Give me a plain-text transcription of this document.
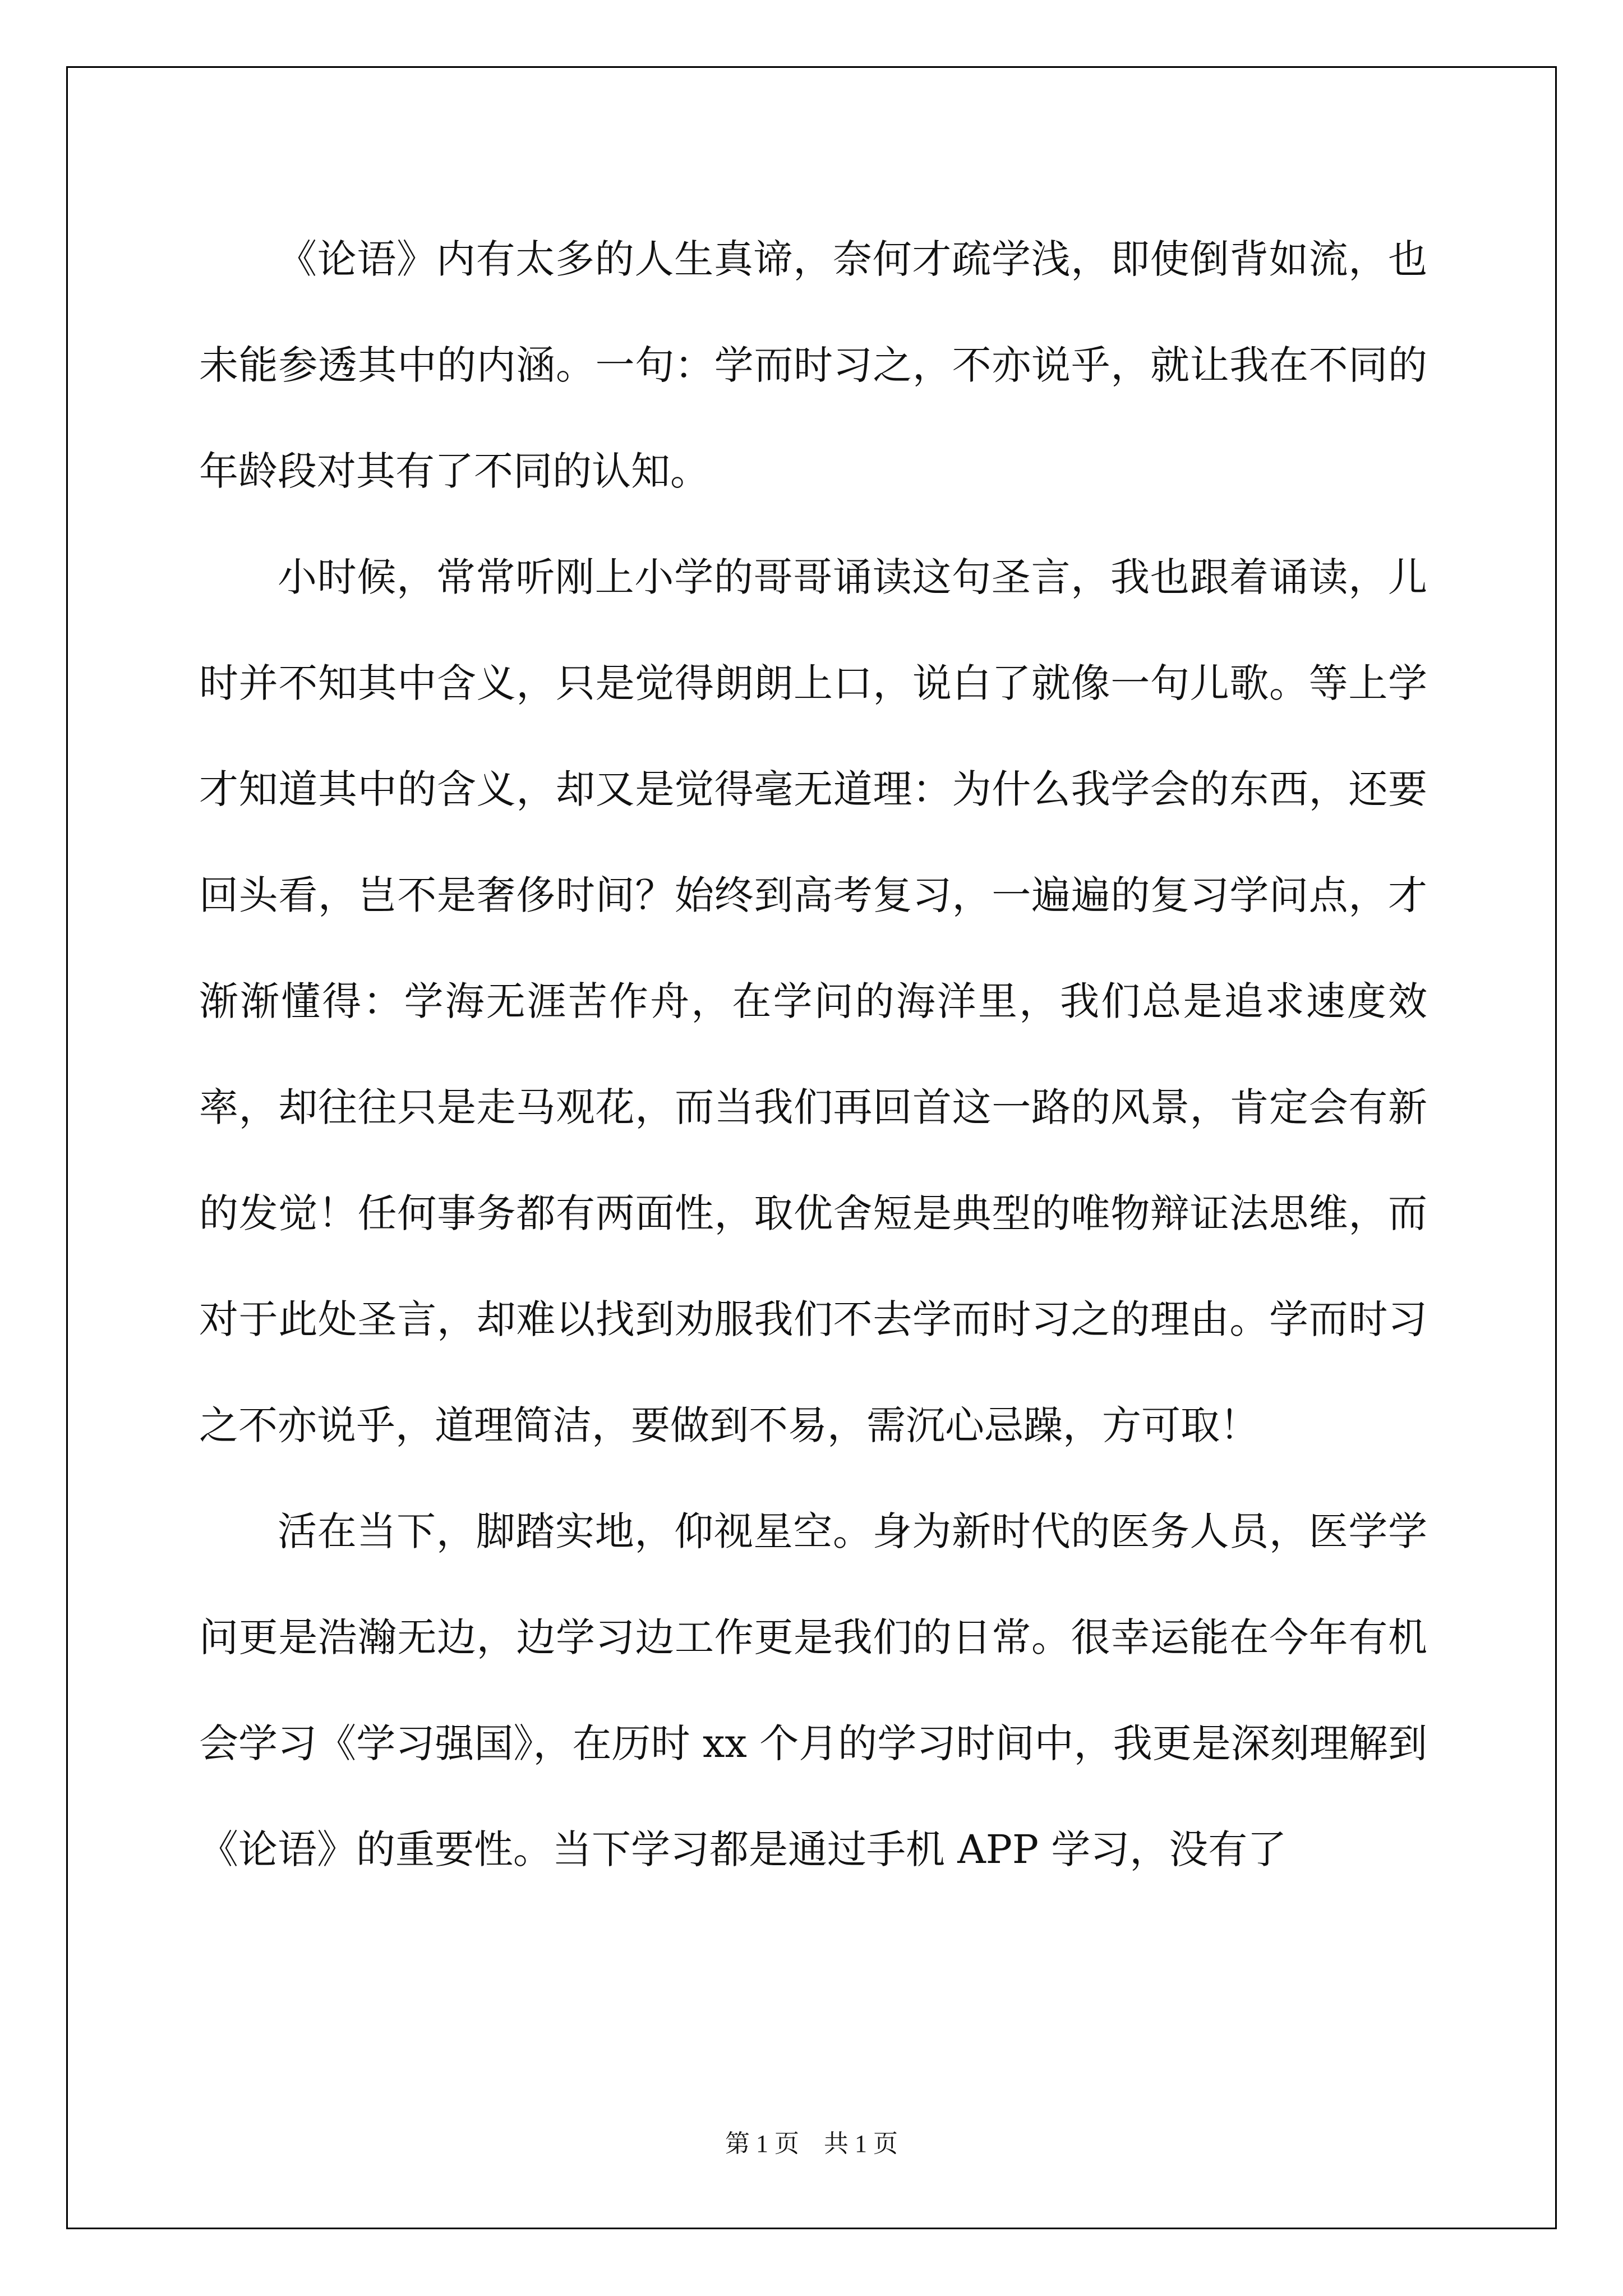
《论语》内有太多的人生真谛，奈何才疏学浅，即使倒背如流，也未能参透其中的内涵。一句：学而时习之，不亦说乎，就让我在不同的年龄段对其有了不同的认知。

小时候，常常听刚上小学的哥哥诵读这句圣言，我也跟着诵读，儿时并不知其中含义，只是觉得朗朗上口，说白了就像一句儿歌。等上学才知道其中的含义，却又是觉得毫无道理：为什么我学会的东西，还要回头看，岂不是奢侈时间？始终到高考复习，一遍遍的复习学问点，才渐渐懂得：学海无涯苦作舟，在学问的海洋里，我们总是追求速度效率，却往往只是走马观花，而当我们再回首这一路的风景，肯定会有新的发觉！任何事务都有两面性，取优舍短是典型的唯物辩证法思维，而对于此处圣言，却难以找到劝服我们不去学而时习之的理由。学而时习之不亦说乎，道理简洁，要做到不易，需沉心忌躁，方可取！

活在当下，脚踏实地，仰视星空。身为新时代的医务人员，医学学问更是浩瀚无边，边学习边工作更是我们的日常。很幸运能在今年有机会学习《学习强国》，在历时 xx 个月的学习时间中，我更是深刻理解到《论语》的重要性。当下学习都是通过手机 APP 学习，没有了

第 1 页    共 1 页
